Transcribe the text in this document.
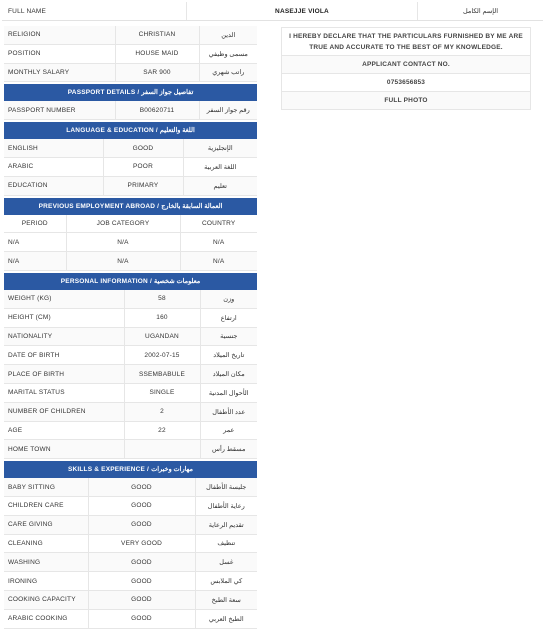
FULL NAME	NASEJJE VIOLA	الإسم الكامل
RELIGION	CHRISTIAN	الدين
POSITION	HOUSE MAID	مسمى وظيفي
MONTHLY SALARY	SAR 900	راتب شهري
PASSPORT DETAILS / تفاصيل جواز السفر
PASSPORT NUMBER	B00620711	رقم جواز السفر
LANGUAGE & EDUCATION / اللغة والتعليم
ENGLISH	GOOD	الإنجليزية
ARABIC	POOR	اللغة العربية
EDUCATION	PRIMARY	تعليم
PREVIOUS EMPLOYMENT ABROAD / العمالة السابقة بالخارج
PERIOD	JOB CATEGORY	COUNTRY
N/A	N/A	N/A
N/A	N/A	N/A
PERSONAL INFORMATION / معلومات شخصية
WEIGHT (KG)	58	وزن
HEIGHT (CM)	160	ارتفاع
NATIONALITY	UGANDAN	جنسية
DATE OF BIRTH	2002-07-15	تاريخ الميلاد
PLACE OF BIRTH	SSEMBABULE	مكان الميلاد
MARITAL STATUS	SINGLE	الأحوال المدنية
NUMBER OF CHILDREN	2	عدد الأطفال
AGE	22	عمر
HOME TOWN		مسقط رأس
SKILLS & EXPERIENCE / مهارات وخبرات
BABY SITTING	GOOD	جليسة الأطفال
CHILDREN CARE	GOOD	رعاية الأطفال
CARE GIVING	GOOD	تقديم الرعاية
CLEANING	VERY GOOD	تنظيف
WASHING	GOOD	غسل
IRONING	GOOD	كي الملابس
COOKING CAPACITY	GOOD	سعة الطبخ
ARABIC COOKING	GOOD	الطبخ العربي
I HEREBY DECLARE THAT THE PARTICULARS FURNISHED BY ME ARE TRUE AND ACCURATE TO THE BEST OF MY KNOWLEDGE.
APPLICANT CONTACT NO.
0753656853
FULL PHOTO
